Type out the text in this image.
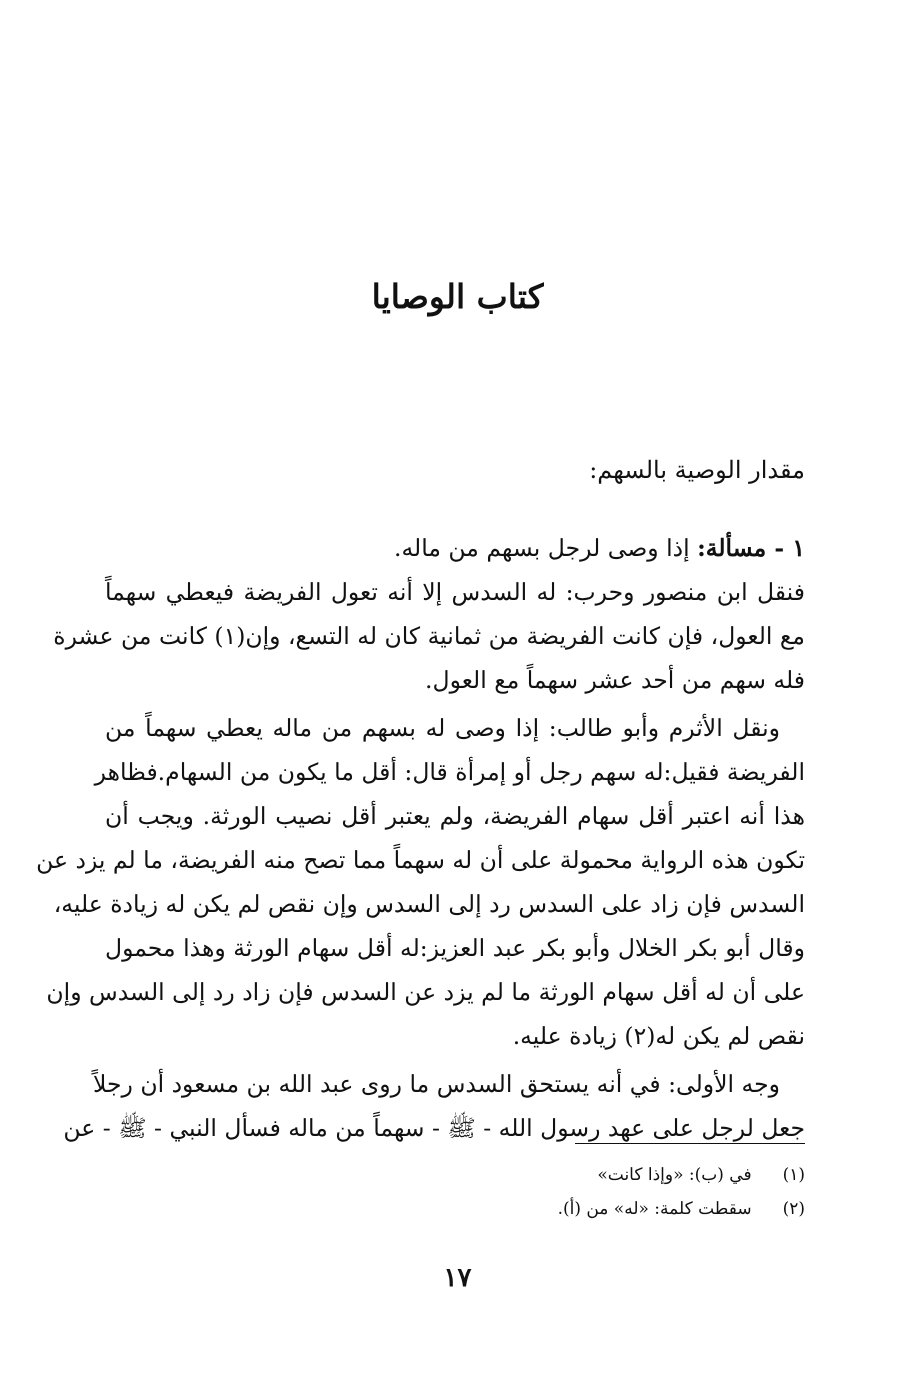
كتاب الوصايا
مقدار الوصية بالسهم:
١ - مسألة: إذا وصى لرجل بسهم من ماله.
فنقل ابن منصور وحرب: له السدس إلا أنه تعول الفريضة فيعطي سهماً
مع العول، فإن كانت الفريضة من ثمانية كان له التسع، وإن(١) كانت من عشرة
فله سهم من أحد عشر سهماً مع العول.
ونقل الأثرم وأبو طالب: إذا وصى له بسهم من ماله يعطي سهماً من
الفريضة فقيل:له سهم رجل أو إمرأة قال: أقل ما يكون من السهام.فظاهر
هذا أنه اعتبر أقل سهام الفريضة، ولم يعتبر أقل نصيب الورثة. ويجب أن
تكون هذه الرواية محمولة على أن له سهماً مما تصح منه الفريضة، ما لم يزد عن
السدس فإن زاد على السدس رد إلى السدس وإن نقص لم يكن له زيادة عليه،
وقال أبو بكر الخلال وأبو بكر عبد العزيز:له أقل سهام الورثة وهذا محمول
على أن له أقل سهام الورثة ما لم يزد عن السدس فإن زاد رد إلى السدس وإن
نقص لم يكن له(٢) زيادة عليه.
وجه الأولى: في أنه يستحق السدس ما روى عبد الله بن مسعود أن رجلاً
جعل لرجل على عهد رسول الله - ﷺ - سهماً من ماله فسأل النبي - ﷺ - عن
(١) في (ب): «وإذا كانت»
(٢) سقطت كلمة: «له» من (أ).
١٧
